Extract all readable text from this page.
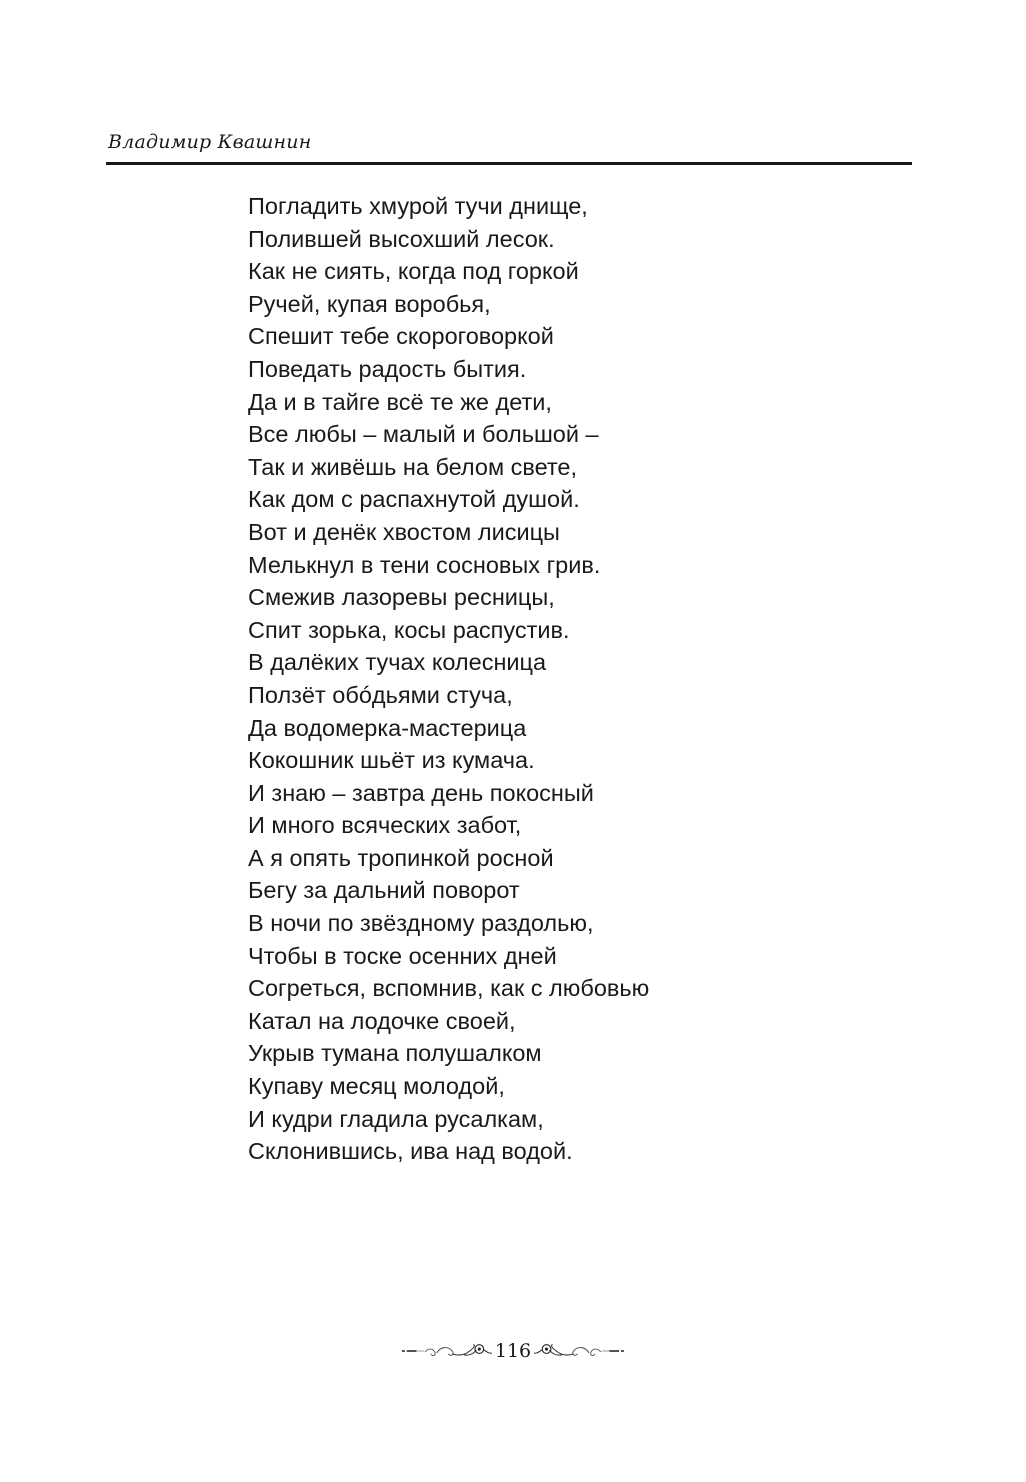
Владимир Квашнин
Погладить хмурой тучи днище,
Полившей высохший лесок.
Как не сиять, когда под горкой
Ручей, купая воробья,
Спешит тебе скороговоркой
Поведать радость бытия.
Да и в тайге всё те же дети,
Все любы – малый и большой –
Так и живёшь на белом свете,
Как дом с распахнутой душой.
Вот и денёк хвостом лисицы
Мелькнул в тени сосновых грив.
Смежив лазоревы ресницы,
Спит зорька, косы распустив.
В далёких тучах колесница
Ползёт обóдьями стуча,
Да водомерка-мастерица
Кокошник шьёт из кумача.
И знаю – завтра день покосный
И много всяческих забот,
А я опять тропинкой росной
Бегу за дальний поворот
В ночи по звёздному раздолью,
Чтобы в тоске осенних дней
Согреться, вспомнив, как с любовью
Катал на лодочке своей,
Укрыв тумана полушалком
Купаву месяц молодой,
И кудри гладила русалкам,
Склонившись, ива над водой.
116
